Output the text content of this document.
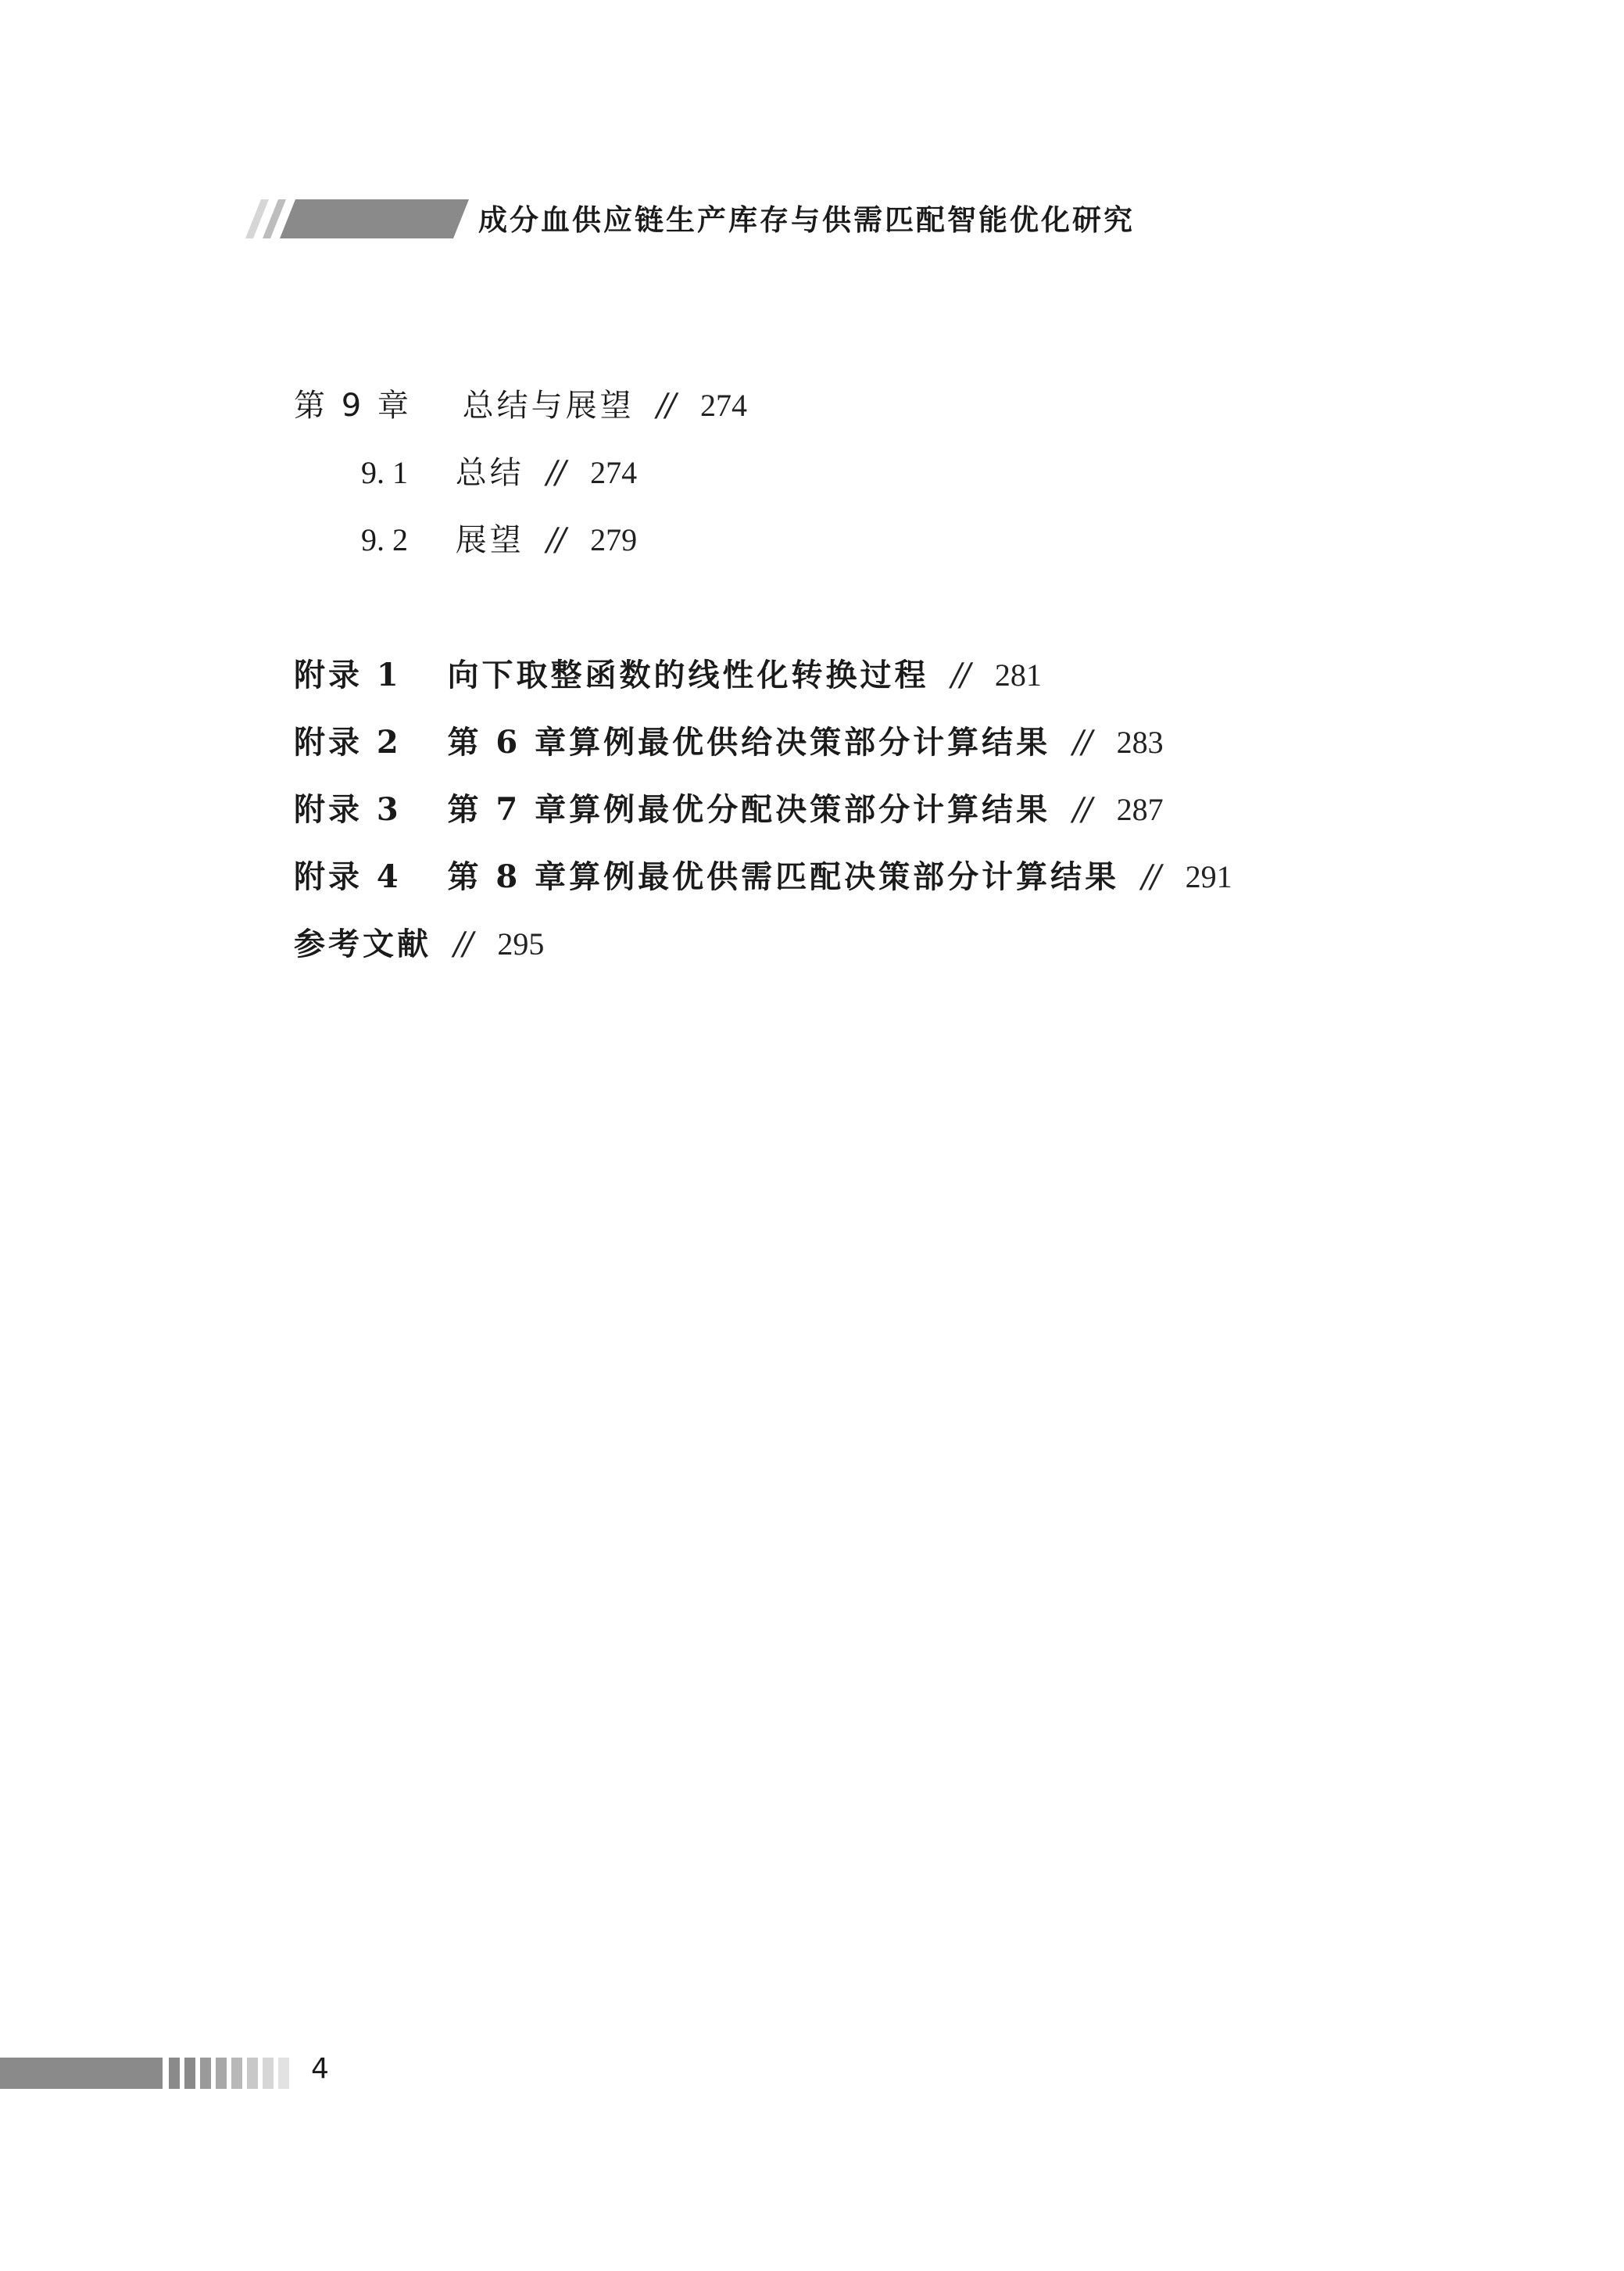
成分血供应链生产库存与供需匹配智能优化研究
第 9 章 总结与展望 // 274
9. 1 总结 // 274
9. 2 展望 // 279
附录 1 向下取整函数的线性化转换过程 // 281
附录 2 第 6 章算例最优供给决策部分计算结果 // 283
附录 3 第 7 章算例最优分配决策部分计算结果 // 287
附录 4 第 8 章算例最优供需匹配决策部分计算结果 // 291
参考文献 // 295
4
